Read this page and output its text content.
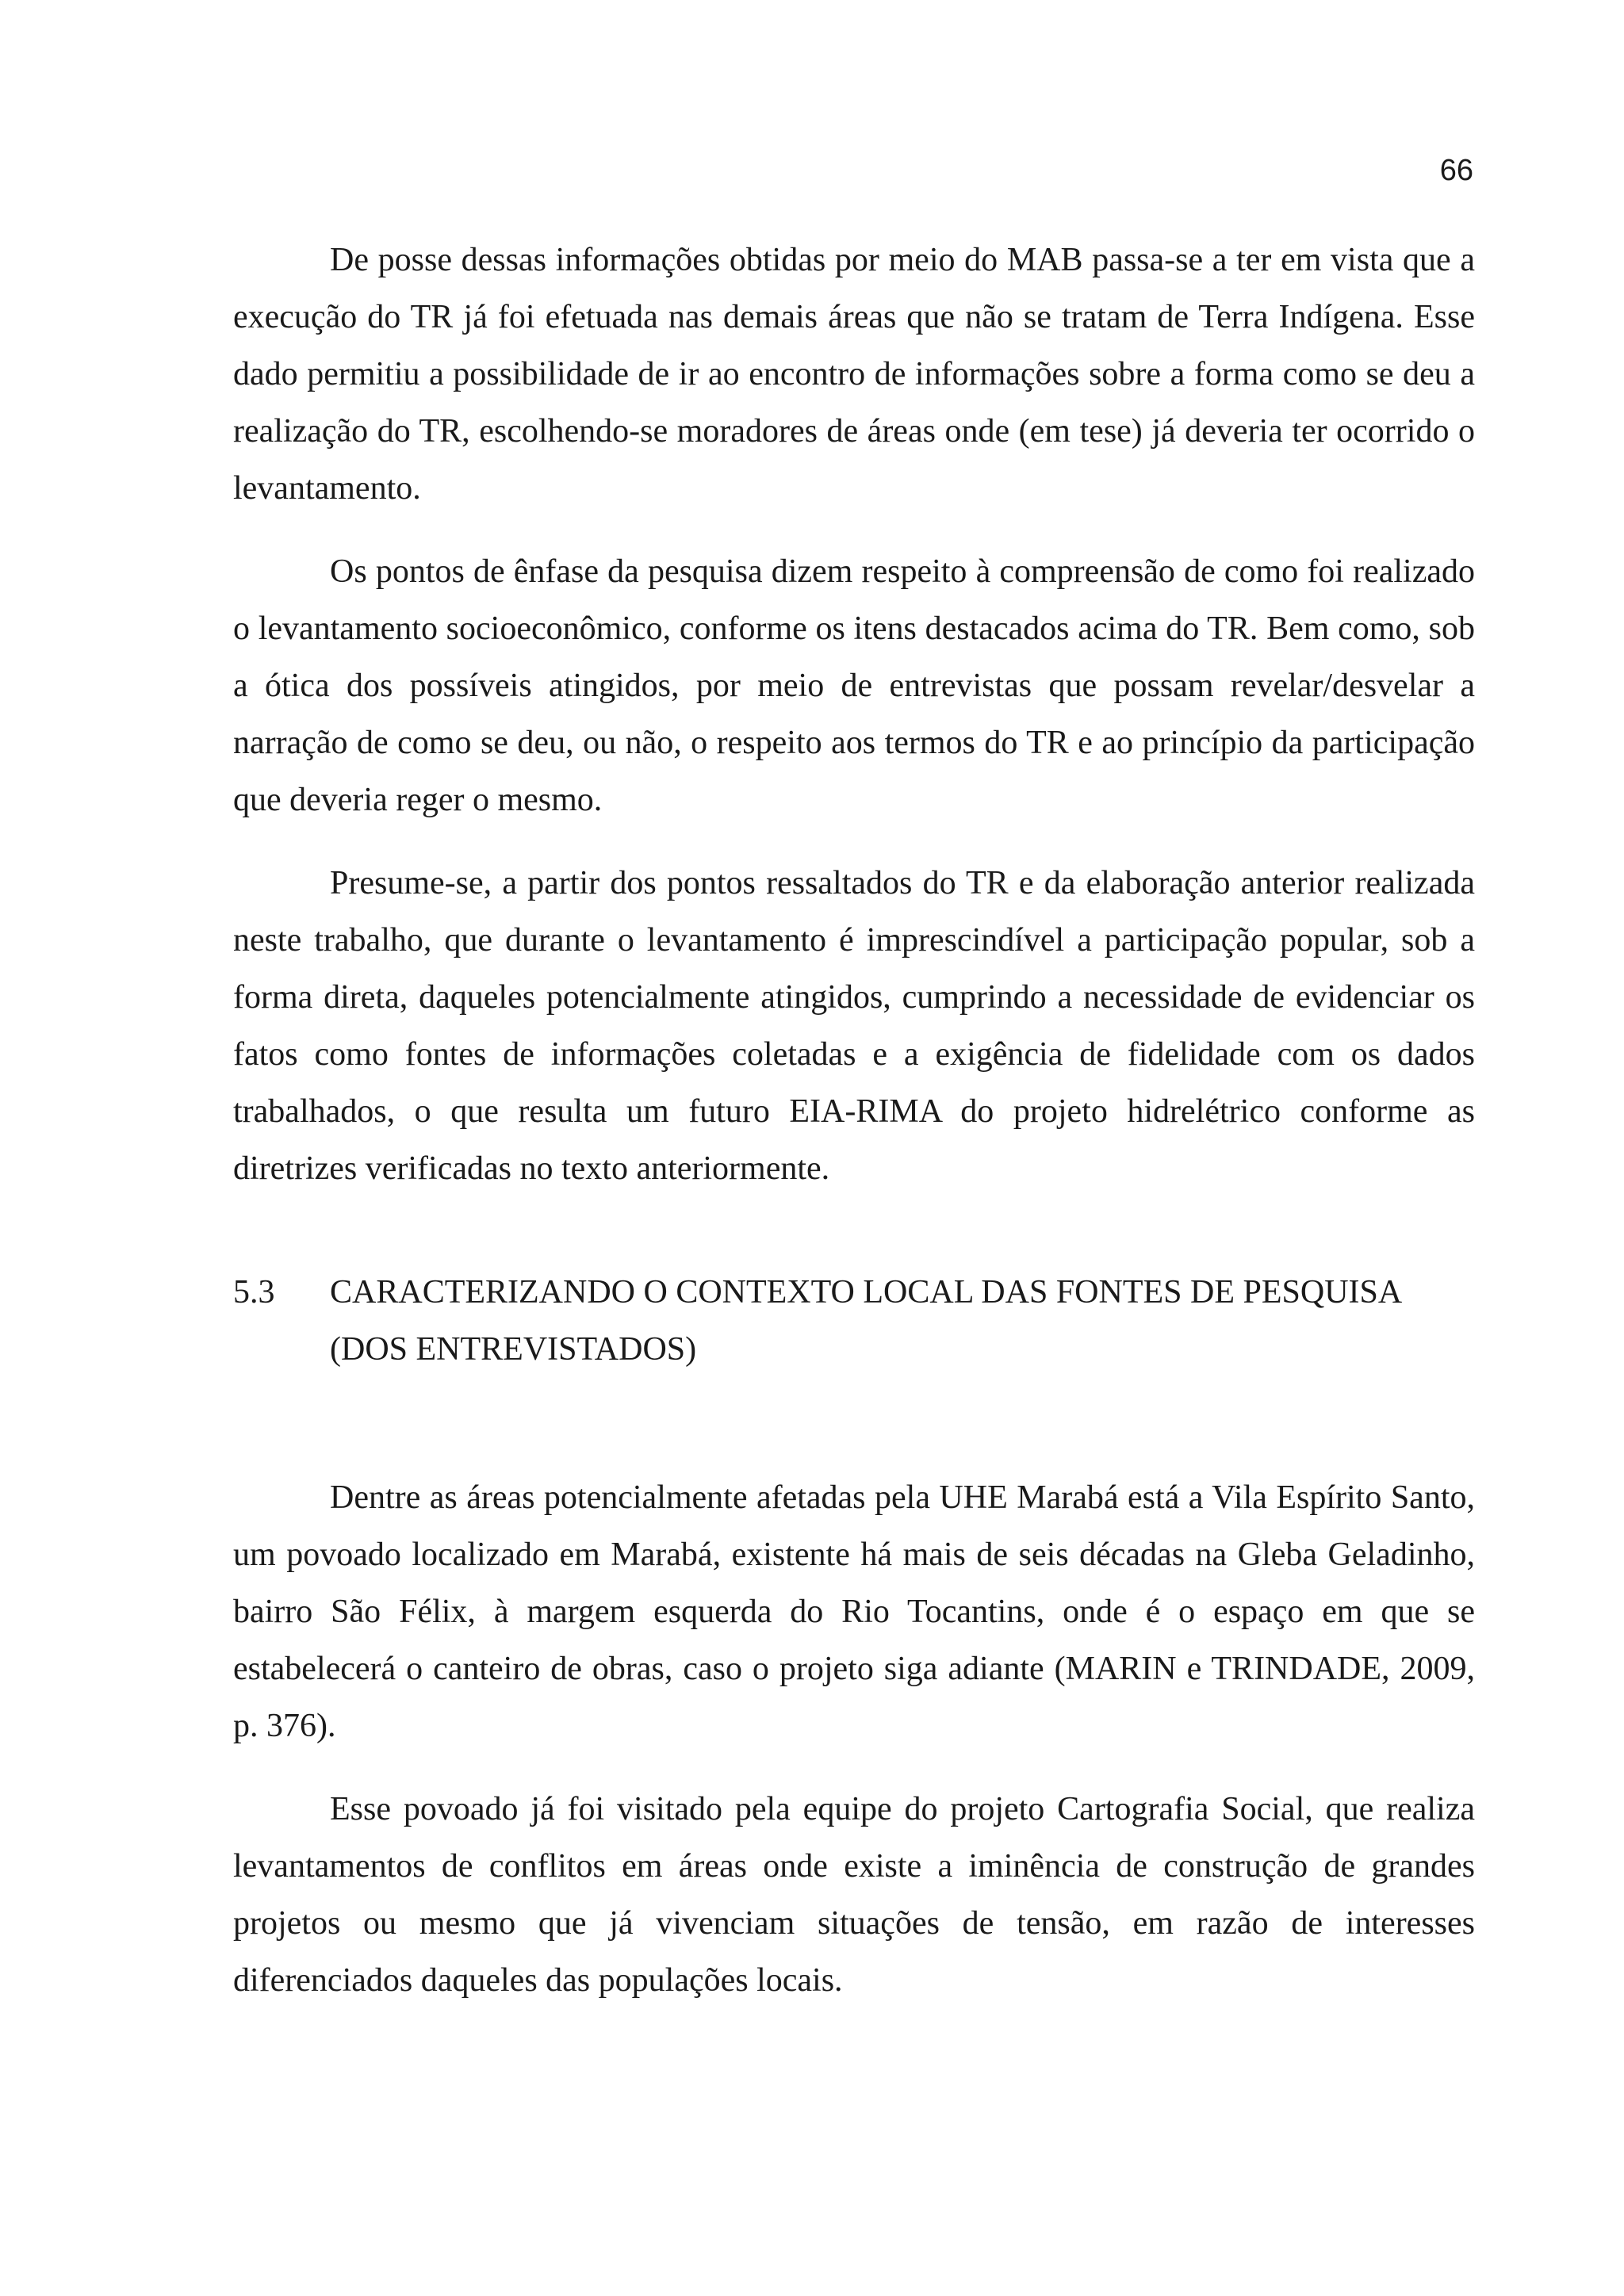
66

De posse dessas informações obtidas por meio do MAB passa-se a ter em vista que a execução do TR já foi efetuada nas demais áreas que não se tratam de Terra Indígena. Esse dado permitiu a possibilidade de ir ao encontro de informações sobre a forma como se deu a realização do TR, escolhendo-se moradores de áreas onde (em tese) já deveria ter ocorrido o levantamento.

Os pontos de ênfase da pesquisa dizem respeito à compreensão de como foi realizado o levantamento socioeconômico, conforme os itens destacados acima do TR. Bem como, sob a ótica dos possíveis atingidos, por meio de entrevistas que possam revelar/desvelar a narração de como se deu, ou não, o respeito aos termos do TR e ao princípio da participação que deveria reger o mesmo.

Presume-se, a partir dos pontos ressaltados do TR e da elaboração anterior realizada neste trabalho, que durante o levantamento é imprescindível a participação popular, sob a forma direta, daqueles potencialmente atingidos, cumprindo a necessidade de evidenciar os fatos como fontes de informações coletadas e a exigência de fidelidade com os dados trabalhados, o que resulta um futuro EIA-RIMA do projeto hidrelétrico conforme as diretrizes verificadas no texto anteriormente.

5.3	CARACTERIZANDO O CONTEXTO LOCAL DAS FONTES DE PESQUISA (DOS ENTREVISTADOS)

Dentre as áreas potencialmente afetadas pela UHE Marabá está a Vila Espírito Santo, um povoado localizado em Marabá, existente há mais de seis décadas na Gleba Geladinho, bairro São Félix, à margem esquerda do Rio Tocantins, onde é o espaço em que se estabelecerá o canteiro de obras, caso o projeto siga adiante (MARIN e TRINDADE, 2009, p. 376).

Esse povoado já foi visitado pela equipe do projeto Cartografia Social, que realiza levantamentos de conflitos em áreas onde existe a iminência de construção de grandes projetos ou mesmo que já vivenciam situações de tensão, em razão de interesses diferenciados daqueles das populações locais.
